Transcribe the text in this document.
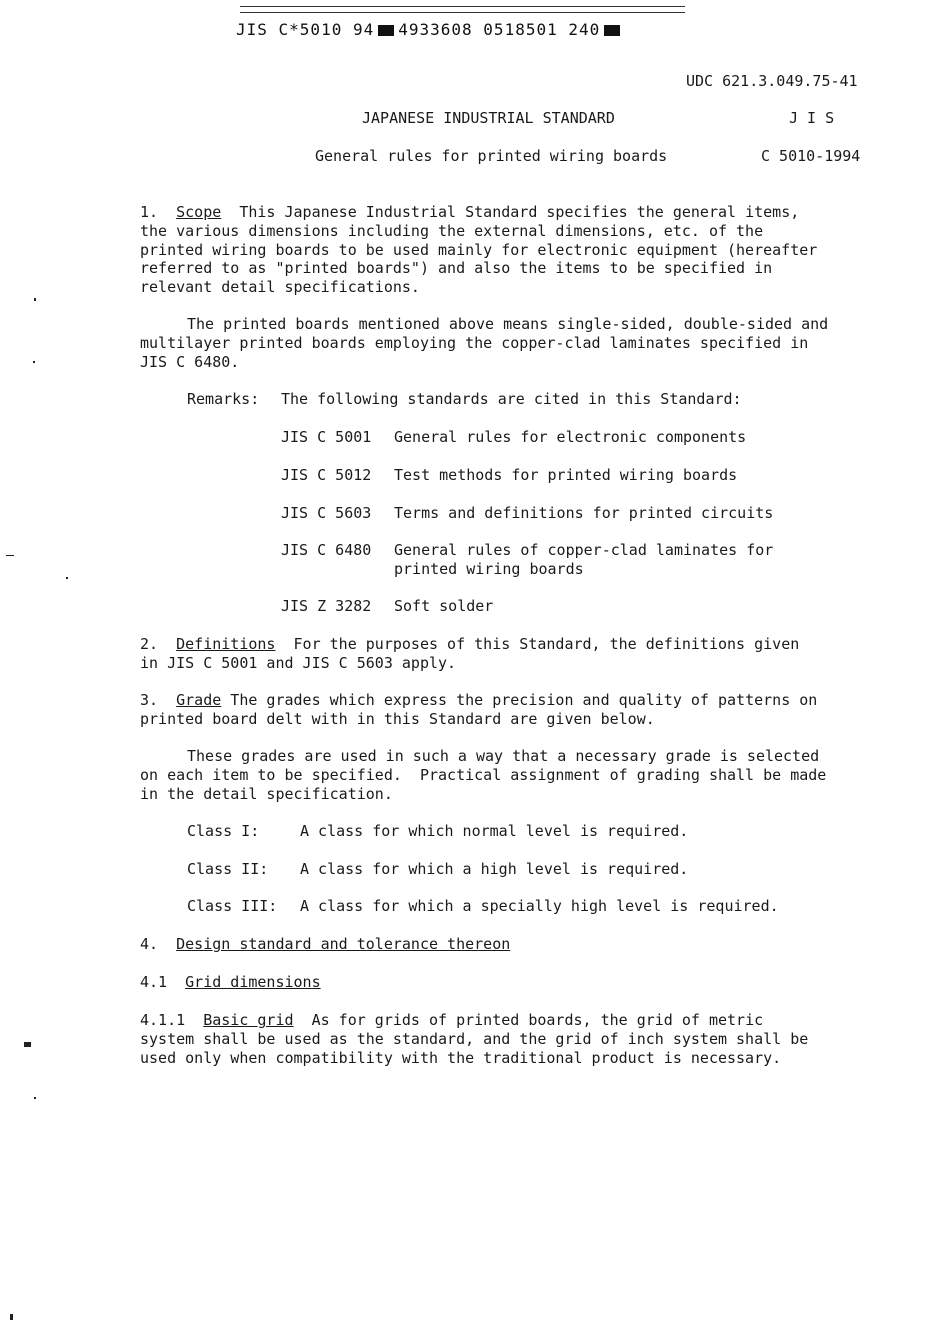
JIS C*5010 94 4933608 0518501 240
UDC 621.3.049.75-41
JAPANESE INDUSTRIAL STANDARD	J I S
General rules for printed wiring boards	C 5010-1994
1. Scope  This Japanese Industrial Standard specifies the general items,
the various dimensions including the external dimensions, etc. of the
printed wiring boards to be used mainly for electronic equipment (hereafter
referred to as "printed boards") and also the items to be specified in
relevant detail specifications.
The printed boards mentioned above means single-sided, double-sided and
multilayer printed boards employing the copper-clad laminates specified in
JIS C 6480.
Remarks: The following standards are cited in this Standard:
JIS C 5001 General rules for electronic components
JIS C 5012 Test methods for printed wiring boards
JIS C 5603 Terms and definitions for printed circuits
JIS C 6480 General rules of copper-clad laminates for
printed wiring boards
JIS Z 3282 Soft solder
2. Definitions  For the purposes of this Standard, the definitions given
in JIS C 5001 and JIS C 5603 apply.
3. Grade The grades which express the precision and quality of patterns on
printed board delt with in this Standard are given below.
These grades are used in such a way that a necessary grade is selected
on each item to be specified.  Practical assignment of grading shall be made
in the detail specification.
Class I:	A class for which normal level is required.
Class II: A class for which a high level is required.
Class III: A class for which a specially high level is required.
4. Design standard and tolerance thereon
4.1 Grid dimensions
4.1.1 Basic grid  As for grids of printed boards, the grid of metric
system shall be used as the standard, and the grid of inch system shall be
used only when compatibility with the traditional product is necessary.
